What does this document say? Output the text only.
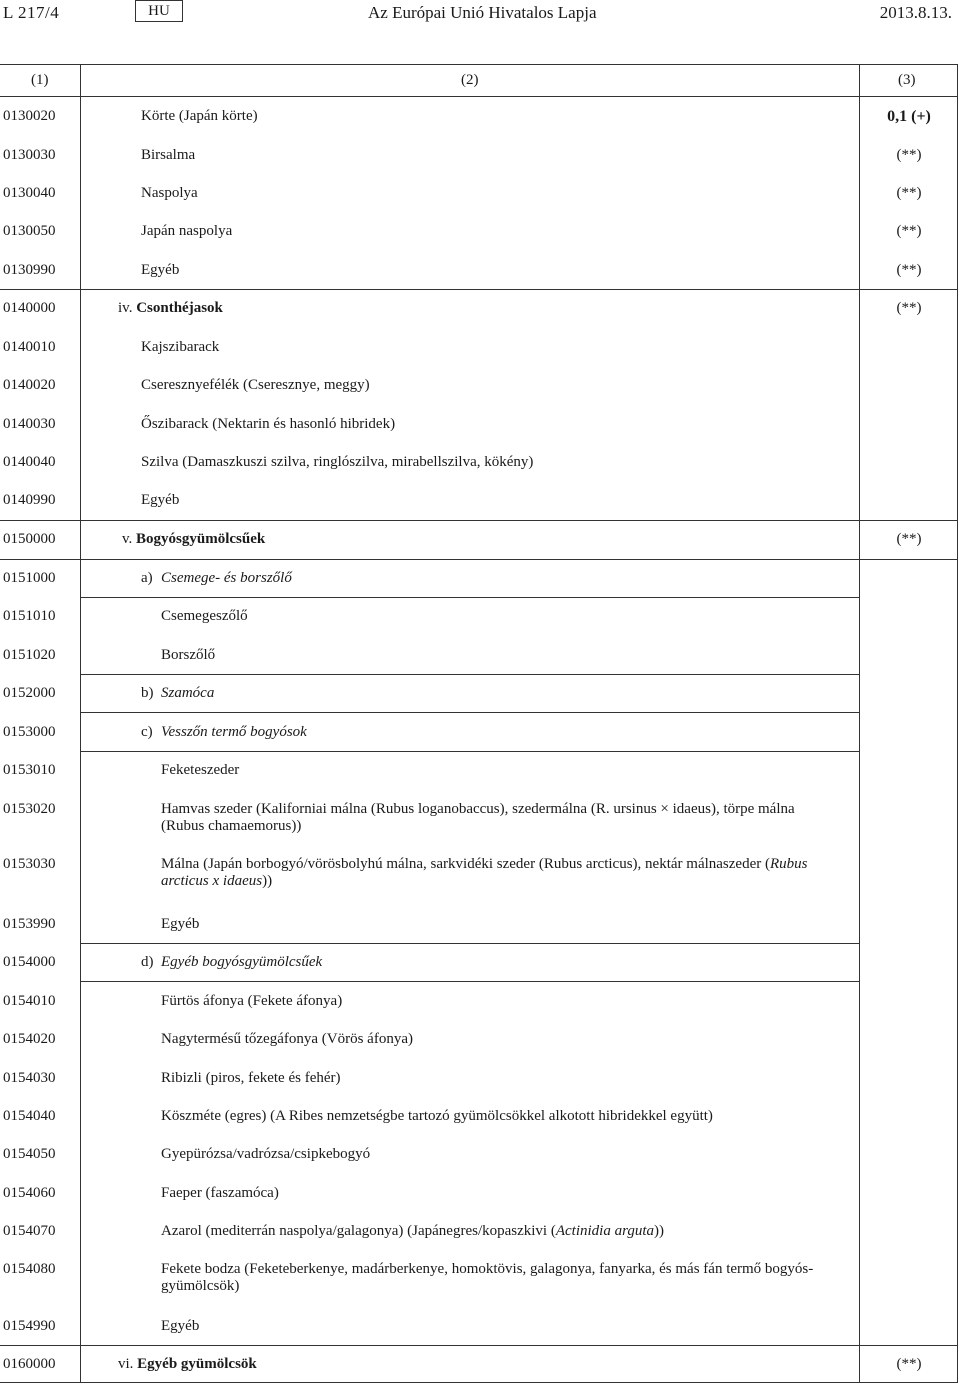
L 217/4	HU	Az Európai Unió Hivatalos Lapja	2013.8.13.
(1)	(2)	(3)
0130020	Körte (Japán körte)	0,1 (+)
0130030	Birsalma	(**)
0130040	Naspolya	(**)
0130050	Japán naspolya	(**)
0130990	Egyéb	(**)
0140000	iv. Csonthéjasok	(**)
0140010	Kajszibarack
0140020	Cseresznyefélék (Cseresznye, meggy)
0140030	Őszibarack (Nektarin és hasonló hibridek)
0140040	Szilva (Damaszkuszi szilva, ringlószilva, mirabellszilva, kökény)
0140990	Egyéb
0150000	v. Bogyósgyümölcsűek	(**)
0151000	a) Csemege- és borszőlő
0151010	Csemegeszőlő
0151020	Borszőlő
0152000	b) Szamóca
0153000	c) Vesszőn termő bogyósok
0153010	Feketeszeder
0153020	Hamvas szeder (Kaliforniai málna (Rubus loganobaccus), szedermálna (R. ursinus × idaeus), törpe málna
(Rubus chamaemorus))
0153030	Málna (Japán borbogyó/vörösbolyhú málna, sarkvidéki szeder (Rubus arcticus), nektár málnaszeder (Rubus
arcticus x idaeus))
0153990	Egyéb
0154000	d) Egyéb bogyósgyümölcsűek
0154010	Fürtös áfonya (Fekete áfonya)
0154020	Nagytermésű tőzegáfonya (Vörös áfonya)
0154030	Ribizli (piros, fekete és fehér)
0154040	Köszméte (egres) (A Ribes nemzetségbe tartozó gyümölcsökkel alkotott hibridekkel együtt)
0154050	Gyepürózsa/vadrózsa/csipkebogyó
0154060	Faeper (faszamóca)
0154070	Azarol (mediterrán naspolya/galagonya) (Japánegres/kopaszkivi (Actinidia arguta))
0154080	Fekete bodza (Feketeberkenye, madárberkenye, homoktövis, galagonya, fanyarka, és más fán termő bogyós-
gyümölcsök)
0154990	Egyéb
0160000	vi. Egyéb gyümölcsök	(**)
